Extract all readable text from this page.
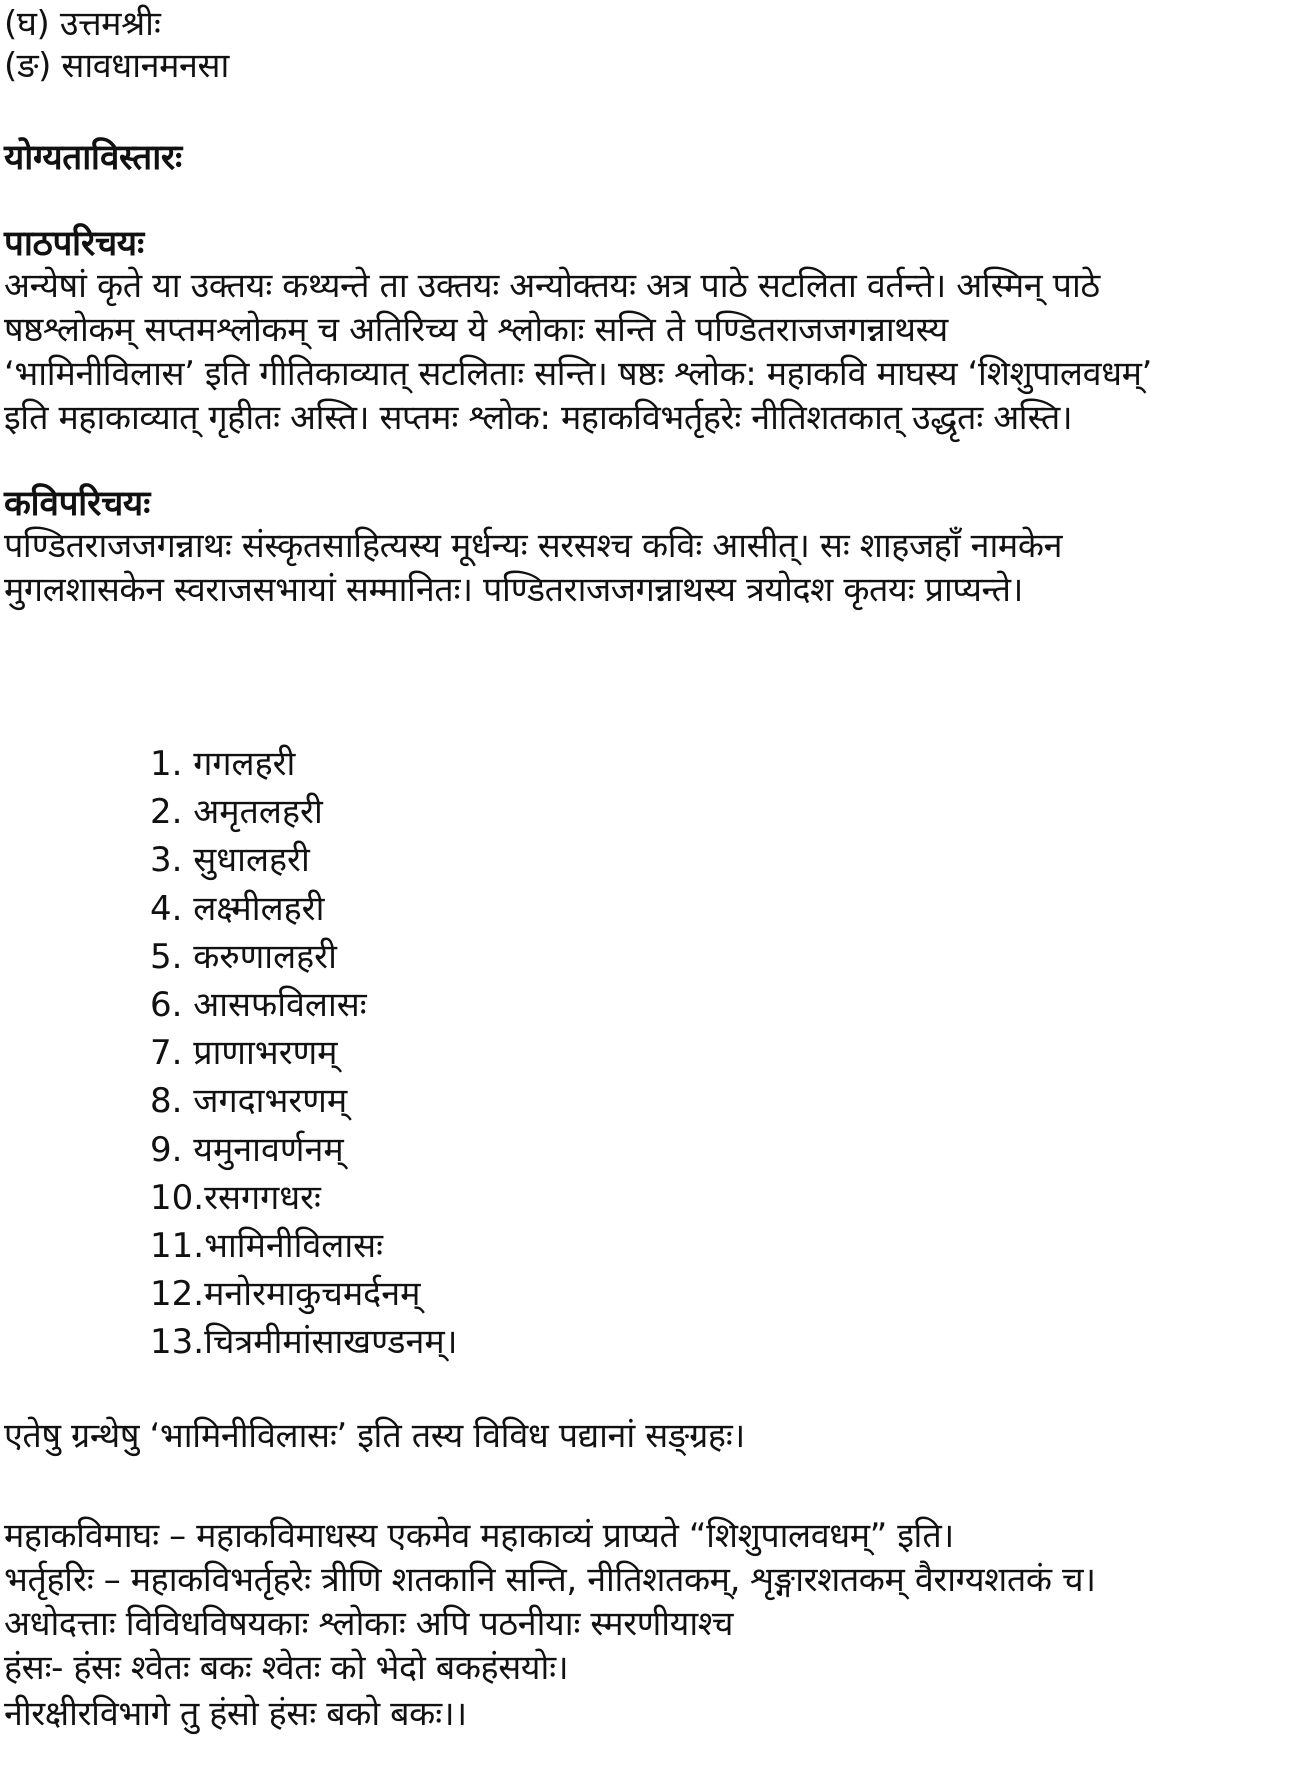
(घ) उत्तमश्रीः
(ङ) सावधानमनसा
योग्यताविस्तारः
पाठपरिचयः
अन्येषां कृते या उक्तयः कथ्यन्ते ता उक्तयः अन्योक्तयः अत्र पाठे सटलिता वर्तन्ते। अस्मिन् पाठे
षष्ठश्लोकम् सप्तमश्लोकम् च अतिरिच्य ये श्लोकाः सन्ति ते पण्डितराजजगन्नाथस्य
‘भामिनीविलास’ इति गीतिकाव्यात् सटलिताः सन्ति। षष्ठः श्लोक: महाकवि माघस्य ‘शिशुपालवधम्’
इति महाकाव्यात् गृहीतः अस्ति। सप्तमः श्लोक: महाकविभर्तृहरेः नीतिशतकात् उद्धृतः अस्ति।
कविपरिचयः
पण्डितराजजगन्नाथः संस्कृतसाहित्यस्य मूर्धन्यः सरसश्च कविः आसीत्। सः शाहजहाँ नामकेन
मुगलशासकेन स्वराजसभायां सम्मानितः। पण्डितराजजगन्नाथस्य त्रयोदश कृतयः प्राप्यन्ते।
1. गगलहरी
2. अमृतलहरी
3. सुधालहरी
4. लक्ष्मीलहरी
5. करुणालहरी
6. आसफविलासः
7. प्राणाभरणम्
8. जगदाभरणम्
9. यमुनावर्णनम्
10.रसगगधरः
11.भामिनीविलासः
12.मनोरमाकुचमर्दनम्
13.चित्रमीमांसाखण्डनम्।
एतेषु ग्रन्थेषु ‘भामिनीविलासः’ इति तस्य विविध पद्यानां सङ्ग्रहः।
महाकविमाघः – महाकविमाधस्य एकमेव महाकाव्यं प्राप्यते “शिशुपालवधम्” इति।
भर्तृहरिः – महाकविभर्तृहरेः त्रीणि शतकानि सन्ति, नीतिशतकम्, शृङ्गारशतकम् वैराग्यशतकं च।
अधोदत्ताः विविधविषयकाः श्लोकाः अपि पठनीयाः स्मरणीयाश्च
हंसः- हंसः श्वेतः बकः श्वेतः को भेदो बकहंसयोः।
नीरक्षीरविभागे तु हंसो हंसः बको बकः।।
